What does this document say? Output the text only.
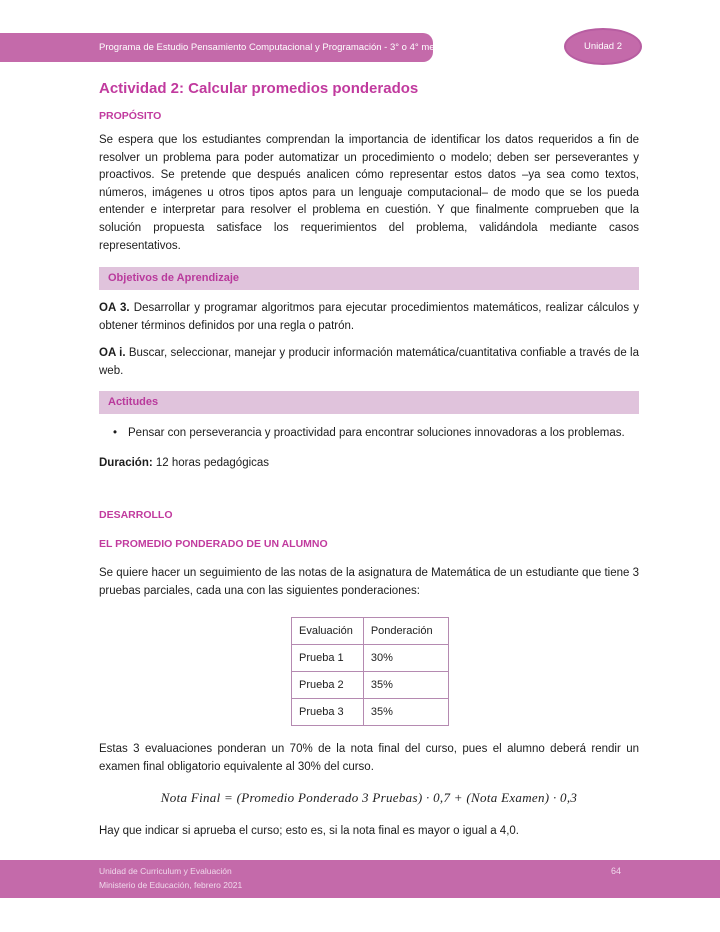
Programa de Estudio Pensamiento Computacional y Programación - 3° o 4° medio	Unidad 2
Actividad 2: Calcular promedios ponderados
PROPÓSITO

Se espera que los estudiantes comprendan la importancia de identificar los datos requeridos a fin de resolver un problema para poder automatizar un procedimiento o modelo; deben ser perseverantes y proactivos. Se pretende que después analicen cómo representar estos datos –ya sea como textos, números, imágenes u otros tipos aptos para un lenguaje computacional– de modo que se los pueda entender e interpretar para resolver el problema en cuestión. Y que finalmente comprueben que la solución propuesta satisface los requerimientos del problema, validándola mediante casos representativos.

Objetivos de Aprendizaje

OA 3. Desarrollar y programar algoritmos para ejecutar procedimientos matemáticos, realizar cálculos y obtener términos definidos por una regla o patrón.

OA i. Buscar, seleccionar, manejar y producir información matemática/cuantitativa confiable a través de la web.

Actitudes
• Pensar con perseverancia y proactividad para encontrar soluciones innovadoras a los problemas.

Duración: 12 horas pedagógicas

DESARROLLO
EL PROMEDIO PONDERADO DE UN ALUMNO

Se quiere hacer un seguimiento de las notas de la asignatura de Matemática de un estudiante que tiene 3 pruebas parciales, cada una con las siguientes ponderaciones:

Evaluación	Ponderación
Prueba 1	30%
Prueba 2	35%
Prueba 3	35%

Estas 3 evaluaciones ponderan un 70% de la nota final del curso, pues el alumno deberá rendir un examen final obligatorio equivalente al 30% del curso.

Nota Final = (Promedio Ponderado 3 Pruebas) · 0,7 + (Nota Examen) · 0,3

Hay que indicar si aprueba el curso; esto es, si la nota final es mayor o igual a 4,0.

Unidad de Curriculum y Evaluación
Ministerio de Educación, febrero 2021
64
